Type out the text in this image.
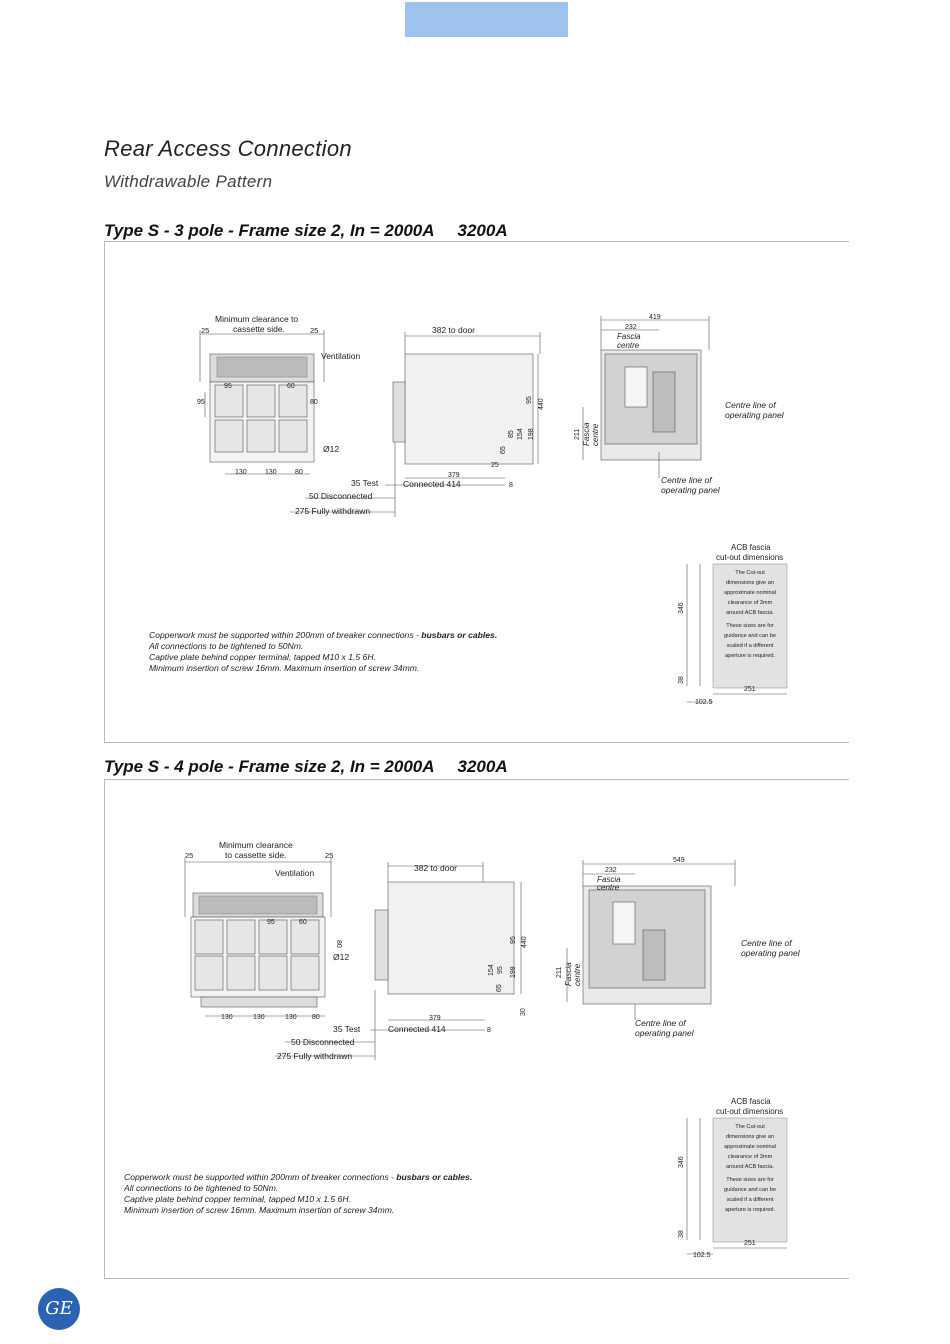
Rear Access Connection
Withdrawable Pattern
Type S - 3 pole - Frame size 2, In = 2000A     3200A
Minimum clearance to
cassette side.
25	25
Ventilation
95	60
95	80
Ø12
130	130	80
382 to door
379
35 Test	Connected 414	8
25
50 Disconnected
275 Fully withdrawn
440
95
198
154
85
65
419
232
Fascia
centre
211 Fascia centre
Centre line of
operating panel
Centre line of
operating panel
ACB fascia
cut-out dimensions
The Cut-out
dimensions give an
approximate nominal
clearance of 3mm
around ACB fascia.
These sizes are for
guidance and can be
scaled if a different
aperture is required.
346
38
251
102.5
Copperwork must be supported within 200mm of breaker connections - busbars or cables.
All connections to be tightened to 50Nm.
Captive plate behind copper terminal, tapped M10 x 1.5 6H.
Minimum insertion of screw 16mm. Maximum insertion of screw 34mm.
Type S - 4 pole - Frame size 2, In = 2000A     3200A
Minimum clearance
to cassette side.
25	25
Ventilation
95	60
80
Ø12
130	130	130 80
382 to door
379
35 Test	Connected 414	8
30
50 Disconnected
275 Fully withdrawn
440
95
198
154 95
65
549
232
Fascia
centre
211 Fascia centre
Centre line of
operating panel
Centre line of
operating panel
ACB fascia
cut-out dimensions
The Cut-out
dimensions give an
approximate nominal
clearance of 3mm
around ACB fascia.
These sizes are for
guidance and can be
scaled if a different
aperture is required.
346
38
251
102.5
Copperwork must be supported within 200mm of breaker connections - busbars or cables.
All connections to be tightened to 50Nm.
Captive plate behind copper terminal, tapped M10 x 1.5 6H.
Minimum insertion of screw 16mm. Maximum insertion of screw 34mm.
GE
